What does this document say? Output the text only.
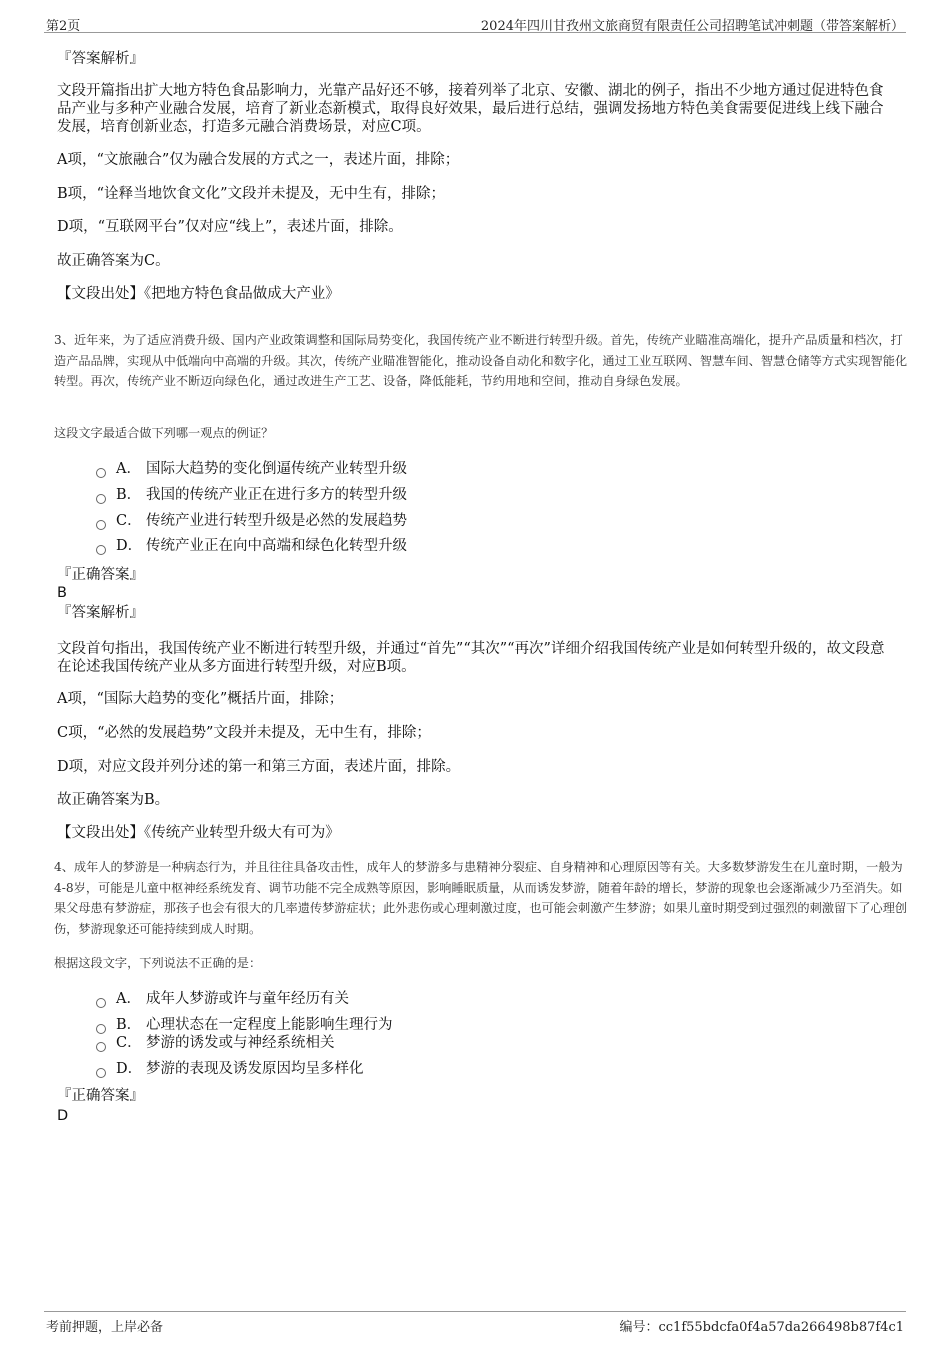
第2页	2024年四川甘孜州文旅商贸有限责任公司招聘笔试冲刺题（带答案解析）
『答案解析』
文段开篇指出扩大地方特色食品影响力，光靠产品好还不够，接着列举了北京、安徽、湖北的例子，指出不少地方通过促进特色食品产业与多种产业融合发展，培育了新业态新模式，取得良好效果，最后进行总结，强调发扬地方特色美食需要促进线上线下融合发展，培育创新业态，打造多元融合消费场景，对应C项。
A项，“文旅融合”仅为融合发展的方式之一，表述片面，排除；
B项，“诠释当地饮食文化”文段并未提及，无中生有，排除；
D项，“互联网平台”仅对应“线上”，表述片面，排除。
故正确答案为C。
【文段出处】《把地方特色食品做成大产业》
3、近年来，为了适应消费升级、国内产业政策调整和国际局势变化，我国传统产业不断进行转型升级。首先，传统产业瞄准高端化，提升产品质量和档次，打造产品品牌，实现从中低端向中高端的升级。其次，传统产业瞄准智能化，推动设备自动化和数字化，通过工业互联网、智慧车间、智慧仓储等方式实现智能化转型。再次，传统产业不断迈向绿色化，通过改进生产工艺、设备，降低能耗，节约用地和空间，推动自身绿色发展。
这段文字最适合做下列哪一观点的例证？
A． 国际大趋势的变化倒逼传统产业转型升级
B． 我国的传统产业正在进行多方的转型升级
C． 传统产业进行转型升级是必然的发展趋势
D． 传统产业正在向中高端和绿色化转型升级
『正确答案』
B
『答案解析』
文段首句指出，我国传统产业不断进行转型升级，并通过“首先”“其次”“再次”详细介绍我国传统产业是如何转型升级的，故文段意在论述我国传统产业从多方面进行转型升级，对应B项。
A项，“国际大趋势的变化”概括片面，排除；
C项，“必然的发展趋势”文段并未提及，无中生有，排除；
D项，对应文段并列分述的第一和第三方面，表述片面，排除。
故正确答案为B。
【文段出处】《传统产业转型升级大有可为》
4、成年人的梦游是一种病态行为，并且往往具备攻击性，成年人的梦游多与患精神分裂症、自身精神和心理原因等有关。大多数梦游发生在儿童时期，一般为4-8岁，可能是儿童中枢神经系统发育、调节功能不完全成熟等原因，影响睡眠质量，从而诱发梦游，随着年龄的增长，梦游的现象也会逐渐减少乃至消失。如果父母患有梦游症，那孩子也会有很大的几率遗传梦游症状；此外悲伤或心理刺激过度，也可能会刺激产生梦游；如果儿童时期受到过强烈的刺激留下了心理创伤，梦游现象还可能持续到成人时期。
根据这段文字，下列说法不正确的是：
A． 成年人梦游或许与童年经历有关
B． 心理状态在一定程度上能影响生理行为
C． 梦游的诱发或与神经系统相关
D． 梦游的表现及诱发原因均呈多样化
『正确答案』
D
考前押题，上岸必备	编号：cc1f55bdcfa0f4a57da266498b87f4c1
